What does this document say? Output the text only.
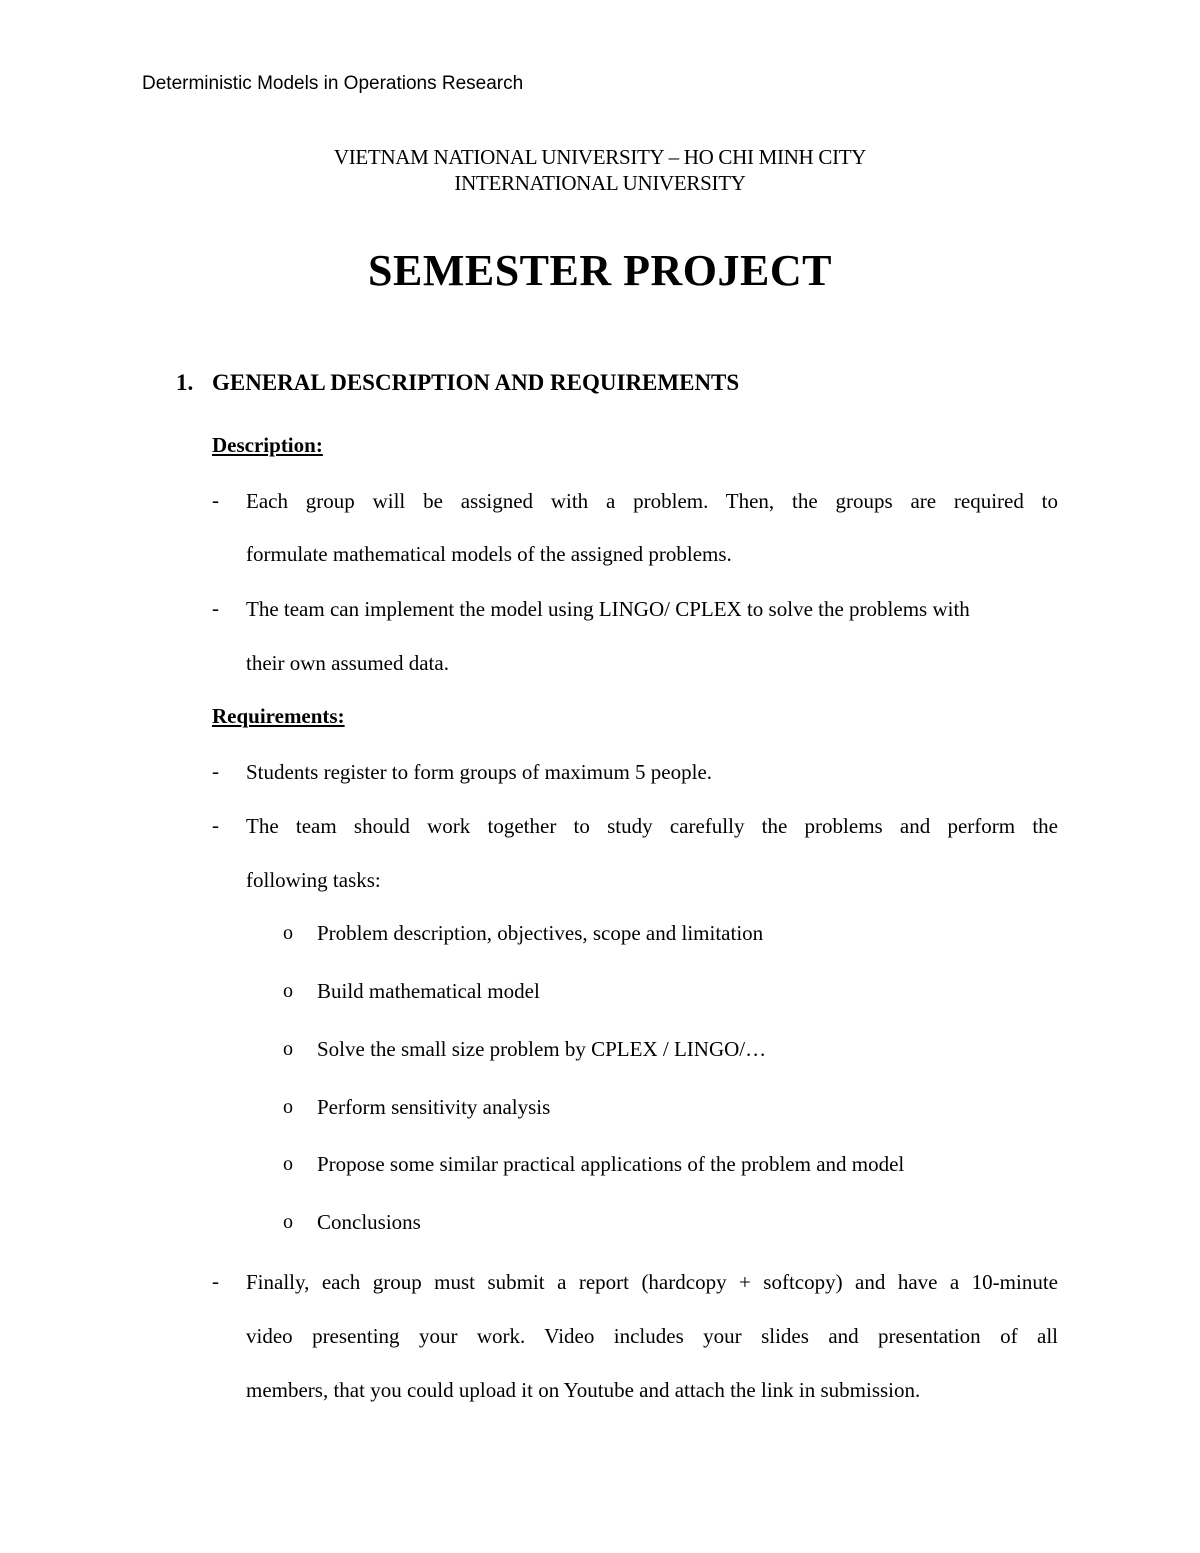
Deterministic Models in Operations Research
VIETNAM NATIONAL UNIVERSITY – HO CHI MINH CITY
INTERNATIONAL UNIVERSITY
SEMESTER PROJECT
1. GENERAL DESCRIPTION AND REQUIREMENTS
Description:
- Each group will be assigned with a problem. Then, the groups are required to
formulate mathematical models of the assigned problems.
- The team can implement the model using LINGO/ CPLEX to solve the problems with
their own assumed data.
Requirements:
- Students register to form groups of maximum 5 people.
- The team should work together to study carefully the problems and perform the
following tasks:
o Problem description, objectives, scope and limitation
o Build mathematical model
o Solve the small size problem by CPLEX / LINGO/…
o Perform sensitivity analysis
o Propose some similar practical applications of the problem and model
o Conclusions
- Finally, each group must submit a report (hardcopy + softcopy) and have a 10-minute
video presenting your work. Video includes your slides and presentation of all
members, that you could upload it on Youtube and attach the link in submission.
